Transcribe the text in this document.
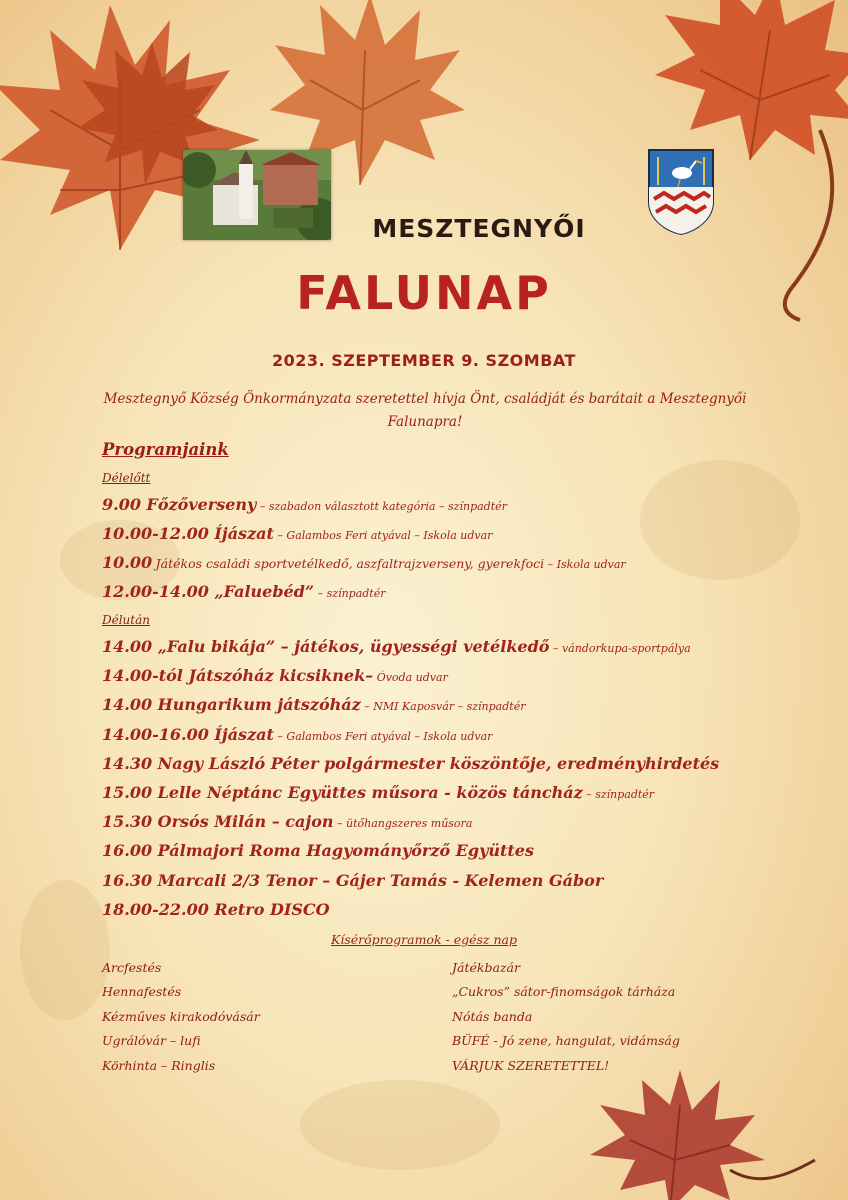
MESZTEGNYŐI
FALUNAP
2023. SZEPTEMBER 9. SZOMBAT
Mesztegnyő Község Önkormányzata szeretettel hívja Önt, családját és barátait a Mesztegnyői Falunapra!
Programjaink
Délelőtt
9.00 Főzőverseny – szabadon választott kategória – színpadtér
10.00-12.00 Íjászat – Galambos Feri atyával – Iskola udvar
10.00 Játékos családi sportvetélkedő, aszfaltrajzverseny, gyerekfoci – Iskola udvar
12.00-14.00 „Faluebéd” – színpadtér
Délután
14.00 „Falu bikája” – játékos, ügyességi vetélkedő – vándorkupa-sportpálya
14.00-tól Játszóház kicsiknek– Óvoda udvar
14.00 Hungarikum játszóház – NMI Kaposvár – színpadtér
14.00-16.00 Íjászat – Galambos Feri atyával – Iskola udvar
14.30 Nagy László Péter polgármester köszöntője, eredményhirdetés
15.00 Lelle Néptánc Együttes műsora - közös táncház – színpadtér
15.30 Orsós Milán – cajon – ütőhangszeres műsora
16.00 Pálmajori Roma Hagyományőrző Együttes
16.30 Marcali 2/3 Tenor – Gájer Tamás - Kelemen Gábor
18.00-22.00 Retro DISCO
Kísérőprogramok - egész nap
Arcfestés
Hennafestés
Kézműves kirakodóvásár
Ugrálóvár – lufi
Körhinta – Ringlis
Játékbazár
„Cukros” sátor-finomságok tárháza
Nótás banda
BÜFÉ - Jó zene, hangulat, vidámság
VÁRJUK SZERETETTEL!
